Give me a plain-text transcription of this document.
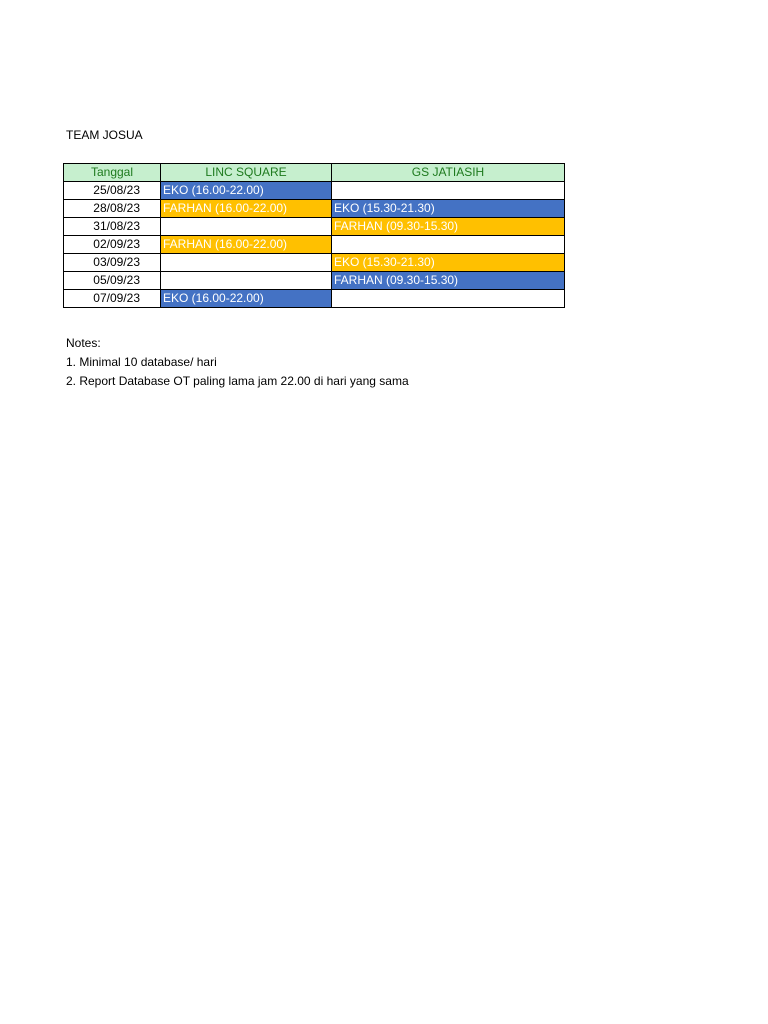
TEAM JOSUA
Tanggal	LINC SQUARE	GS JATIASIH
25/08/23	EKO (16.00-22.00)	
28/08/23	FARHAN (16.00-22.00)	EKO (15.30-21.30)
31/08/23		FARHAN (09.30-15.30)
02/09/23	FARHAN (16.00-22.00)	
03/09/23		EKO (15.30-21.30)
05/09/23		FARHAN (09.30-15.30)
07/09/23	EKO (16.00-22.00)	
Notes:
1. Minimal 10 database/ hari
2. Report Database OT paling lama jam 22.00 di hari yang sama
